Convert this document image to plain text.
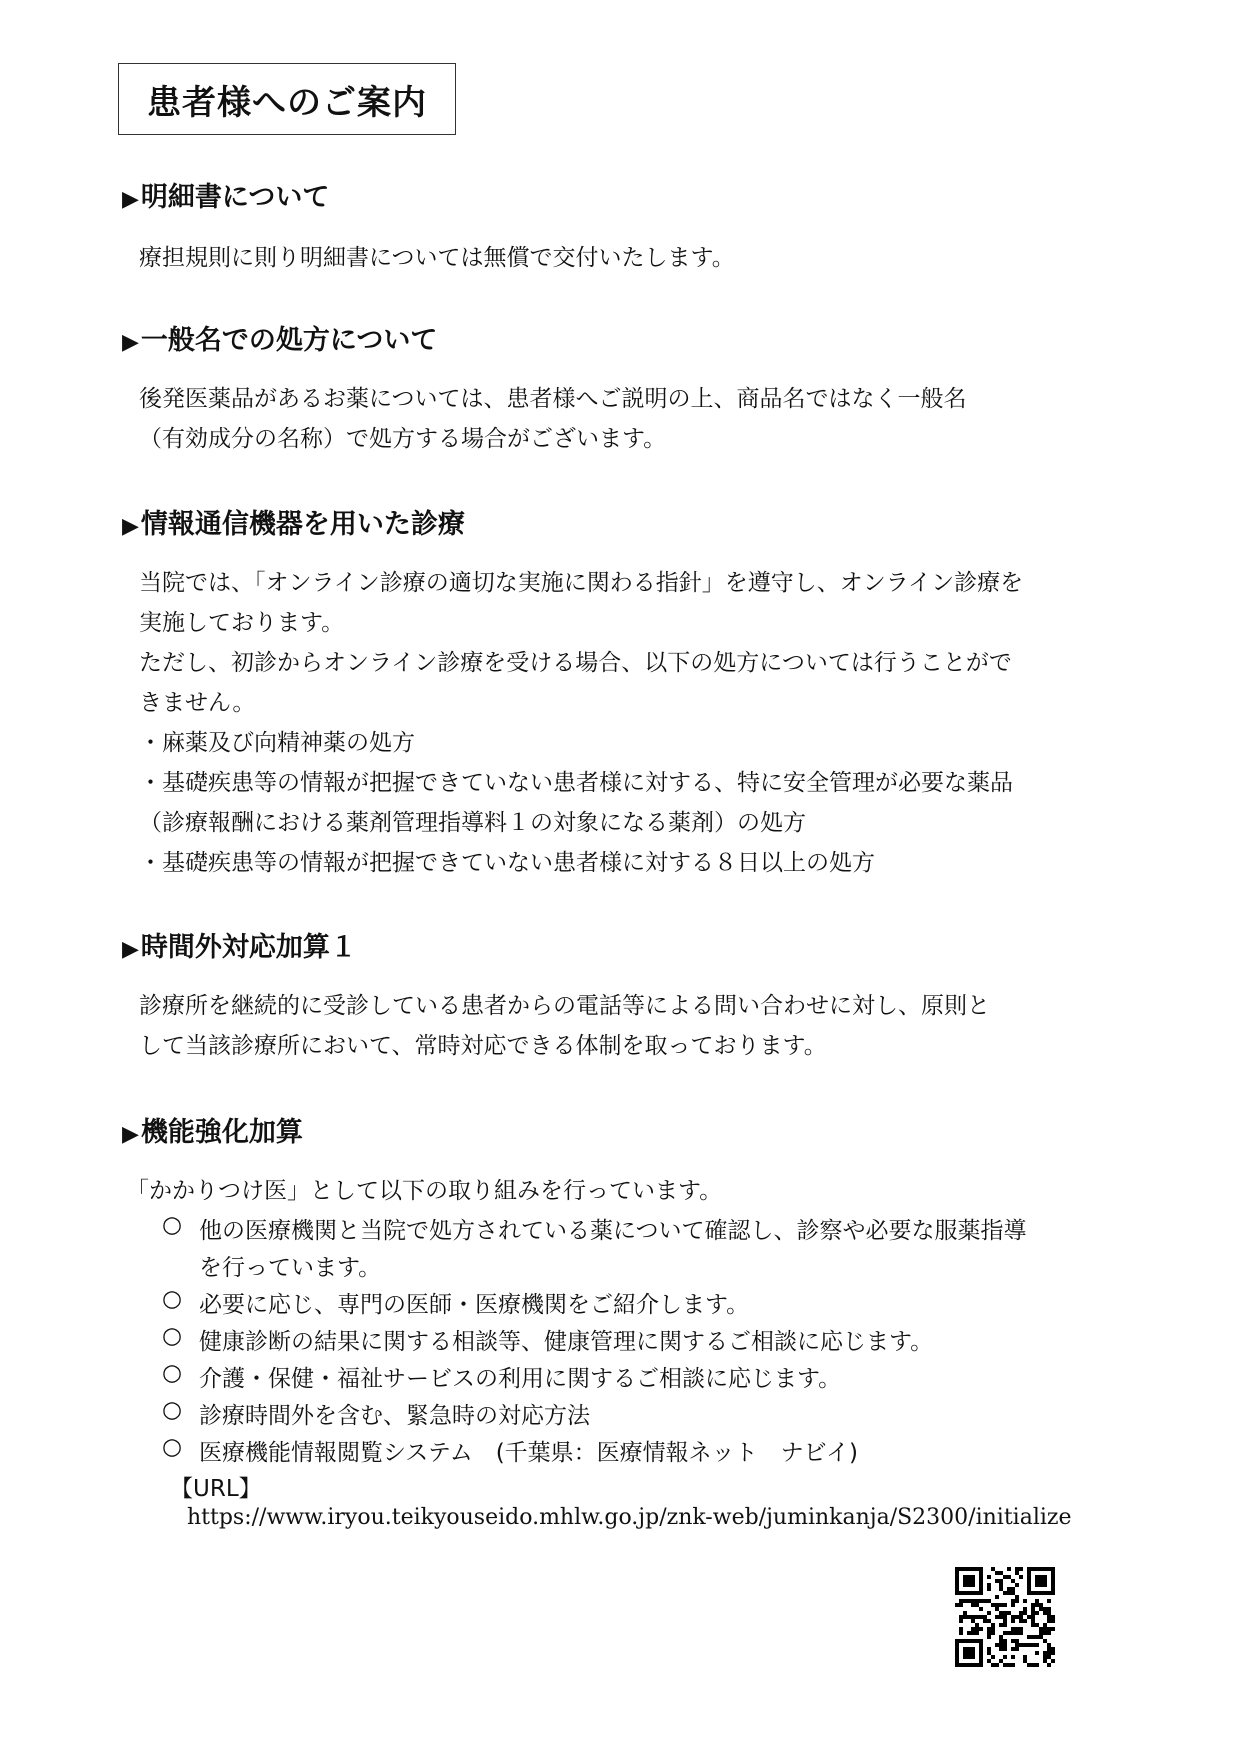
患者様へのご案内
▶明細書について
療担規則に則り明細書については無償で交付いたします。
▶一般名での処方について
後発医薬品があるお薬については、患者様へご説明の上、商品名ではなく一般名
（有効成分の名称）で処方する場合がございます。
▶情報通信機器を用いた診療
当院では、「オンライン診療の適切な実施に関わる指針」を遵守し、オンライン診療を
実施しております。
ただし、初診からオンライン診療を受ける場合、以下の処方については行うことがで
きません。
・麻薬及び向精神薬の処方
・基礎疾患等の情報が把握できていない患者様に対する、特に安全管理が必要な薬品
（診療報酬における薬剤管理指導料１の対象になる薬剤）の処方
・基礎疾患等の情報が把握できていない患者様に対する８日以上の処方
▶時間外対応加算１
診療所を継続的に受診している患者からの電話等による問い合わせに対し、原則と
して当該診療所において、常時対応できる体制を取っております。
▶機能強化加算
「かかりつけ医」として以下の取り組みを行っています。
○ 他の医療機関と当院で処方されている薬について確認し、診察や必要な服薬指導
を行っています。
○ 必要に応じ、専門の医師・医療機関をご紹介します。
○ 健康診断の結果に関する相談等、健康管理に関するご相談に応じます。
○ 介護・保健・福祉サービスの利用に関するご相談に応じます。
○ 診療時間外を含む、緊急時の対応方法
○ 医療機能情報閲覧システム　(千葉県：医療情報ネット　ナビイ)
【URL】
https://www.iryou.teikyouseido.mhlw.go.jp/znk-web/juminkanja/S2300/initialize
